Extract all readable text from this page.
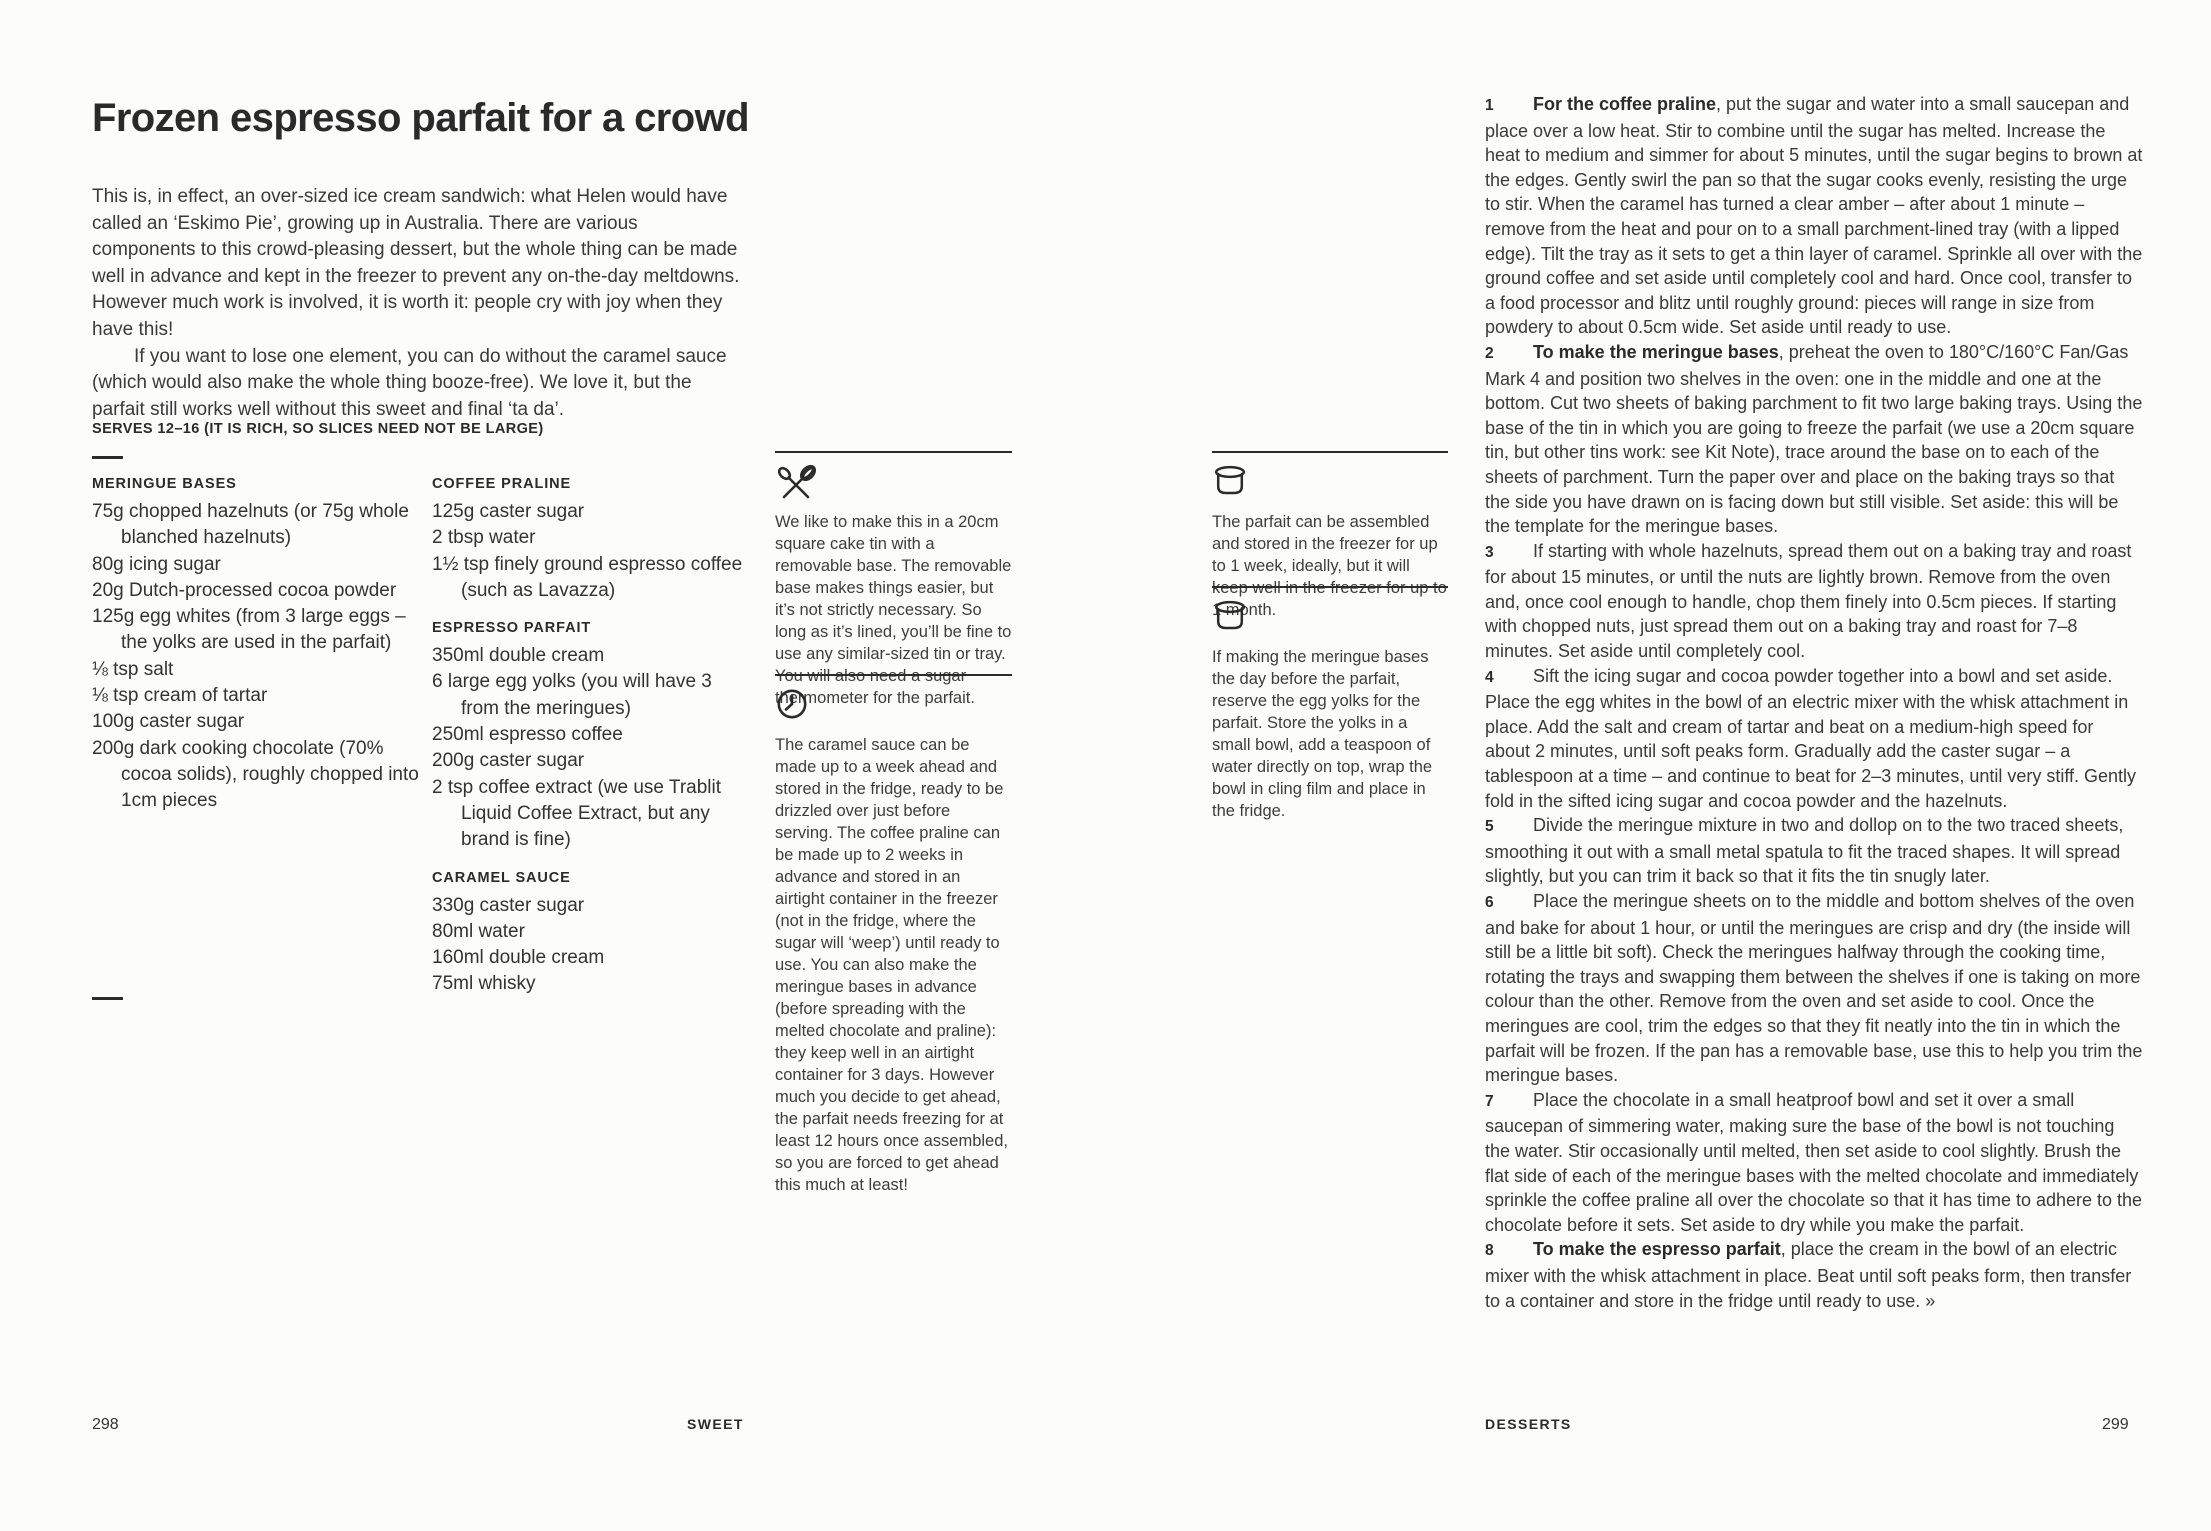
Frozen espresso parfait for a crowd

This is, in effect, an over-sized ice cream sandwich: what Helen would have called an ‘Eskimo Pie’, growing up in Australia. There are various components to this crowd-pleasing dessert, but the whole thing can be made well in advance and kept in the freezer to prevent any on-the-day meltdowns. However much work is involved, it is worth it: people cry with joy when they have this!

If you want to lose one element, you can do without the caramel sauce (which would also make the whole thing booze-free). We love it, but the parfait still works well without this sweet and final ‘ta da’.

SERVES 12–16 (IT IS RICH, SO SLICES NEED NOT BE LARGE)

MERINGUE BASES
75g chopped hazelnuts (or 75g whole blanched hazelnuts)
80g icing sugar
20g Dutch-processed cocoa powder
125g egg whites (from 3 large eggs – the yolks are used in the parfait)
⅛ tsp salt
⅛ tsp cream of tartar
100g caster sugar
200g dark cooking chocolate (70% cocoa solids), roughly chopped into 1cm pieces
COFFEE PRALINE
125g caster sugar
2 tbsp water
1½ tsp finely ground espresso coffee (such as Lavazza)
ESPRESSO PARFAIT
350ml double cream
6 large egg yolks (you will have 3 from the meringues)
250ml espresso coffee
200g caster sugar
2 tsp coffee extract (we use Trablit Liquid Coffee Extract, but any brand is fine)
CARAMEL SAUCE
330g caster sugar
80ml water
160ml double cream
75ml whisky

We like to make this in a 20cm square cake tin with a removable base. The removable base makes things easier, but it’s not strictly necessary. So long as it’s lined, you’ll be fine to use any similar-sized tin or tray. You will also need a sugar thermometer for the parfait.

The caramel sauce can be made up to a week ahead and stored in the fridge, ready to be drizzled over just before serving. The coffee praline can be made up to 2 weeks in advance and stored in an airtight container in the freezer (not in the fridge, where the sugar will ‘weep’) until ready to use. You can also make the meringue bases in advance (before spreading with the melted chocolate and praline): they keep well in an airtight container for 3 days. However much you decide to get ahead, the parfait needs freezing for at least 12 hours once assembled, so you are forced to get ahead this much at least!

The parfait can be assembled and stored in the freezer for up to 1 week, ideally, but it will keep well in the freezer for up to 1 month.

If making the meringue bases the day before the parfait, reserve the egg yolks for the parfait. Store the yolks in a small bowl, add a teaspoon of water directly on top, wrap the bowl in cling film and place in the fridge.

1 For the coffee praline, put the sugar and water into a small saucepan and place over a low heat. Stir to combine until the sugar has melted. Increase the heat to medium and simmer for about 5 minutes, until the sugar begins to brown at the edges. Gently swirl the pan so that the sugar cooks evenly, resisting the urge to stir. When the caramel has turned a clear amber – after about 1 minute – remove from the heat and pour on to a small parchment-lined tray (with a lipped edge). Tilt the tray as it sets to get a thin layer of caramel. Sprinkle all over with the ground coffee and set aside until completely cool and hard. Once cool, transfer to a food processor and blitz until roughly ground: pieces will range in size from powdery to about 0.5cm wide. Set aside until ready to use.

2 To make the meringue bases, preheat the oven to 180°C/160°C Fan/Gas Mark 4 and position two shelves in the oven: one in the middle and one at the bottom. Cut two sheets of baking parchment to fit two large baking trays. Using the base of the tin in which you are going to freeze the parfait (we use a 20cm square tin, but other tins work: see Kit Note), trace around the base on to each of the sheets of parchment. Turn the paper over and place on the baking trays so that the side you have drawn on is facing down but still visible. Set aside: this will be the template for the meringue bases.

3 If starting with whole hazelnuts, spread them out on a baking tray and roast for about 15 minutes, or until the nuts are lightly brown. Remove from the oven and, once cool enough to handle, chop them finely into 0.5cm pieces. If starting with chopped nuts, just spread them out on a baking tray and roast for 7–8 minutes. Set aside until completely cool.

4 Sift the icing sugar and cocoa powder together into a bowl and set aside. Place the egg whites in the bowl of an electric mixer with the whisk attachment in place. Add the salt and cream of tartar and beat on a medium-high speed for about 2 minutes, until soft peaks form. Gradually add the caster sugar – a tablespoon at a time – and continue to beat for 2–3 minutes, until very stiff. Gently fold in the sifted icing sugar and cocoa powder and the hazelnuts.

5 Divide the meringue mixture in two and dollop on to the two traced sheets, smoothing it out with a small metal spatula to fit the traced shapes. It will spread slightly, but you can trim it back so that it fits the tin snugly later.

6 Place the meringue sheets on to the middle and bottom shelves of the oven and bake for about 1 hour, or until the meringues are crisp and dry (the inside will still be a little bit soft). Check the meringues halfway through the cooking time, rotating the trays and swapping them between the shelves if one is taking on more colour than the other. Remove from the oven and set aside to cool. Once the meringues are cool, trim the edges so that they fit neatly into the tin in which the parfait will be frozen. If the pan has a removable base, use this to help you trim the meringue bases.

7 Place the chocolate in a small heatproof bowl and set it over a small saucepan of simmering water, making sure the base of the bowl is not touching the water. Stir occasionally until melted, then set aside to cool slightly. Brush the flat side of each of the meringue bases with the melted chocolate and immediately sprinkle the coffee praline all over the chocolate so that it has time to adhere to the chocolate before it sets. Set aside to dry while you make the parfait.

8 To make the espresso parfait, place the cream in the bowl of an electric mixer with the whisk attachment in place. Beat until soft peaks form, then transfer to a container and store in the fridge until ready to use. »

298	SWEET	DESSERTS	299
